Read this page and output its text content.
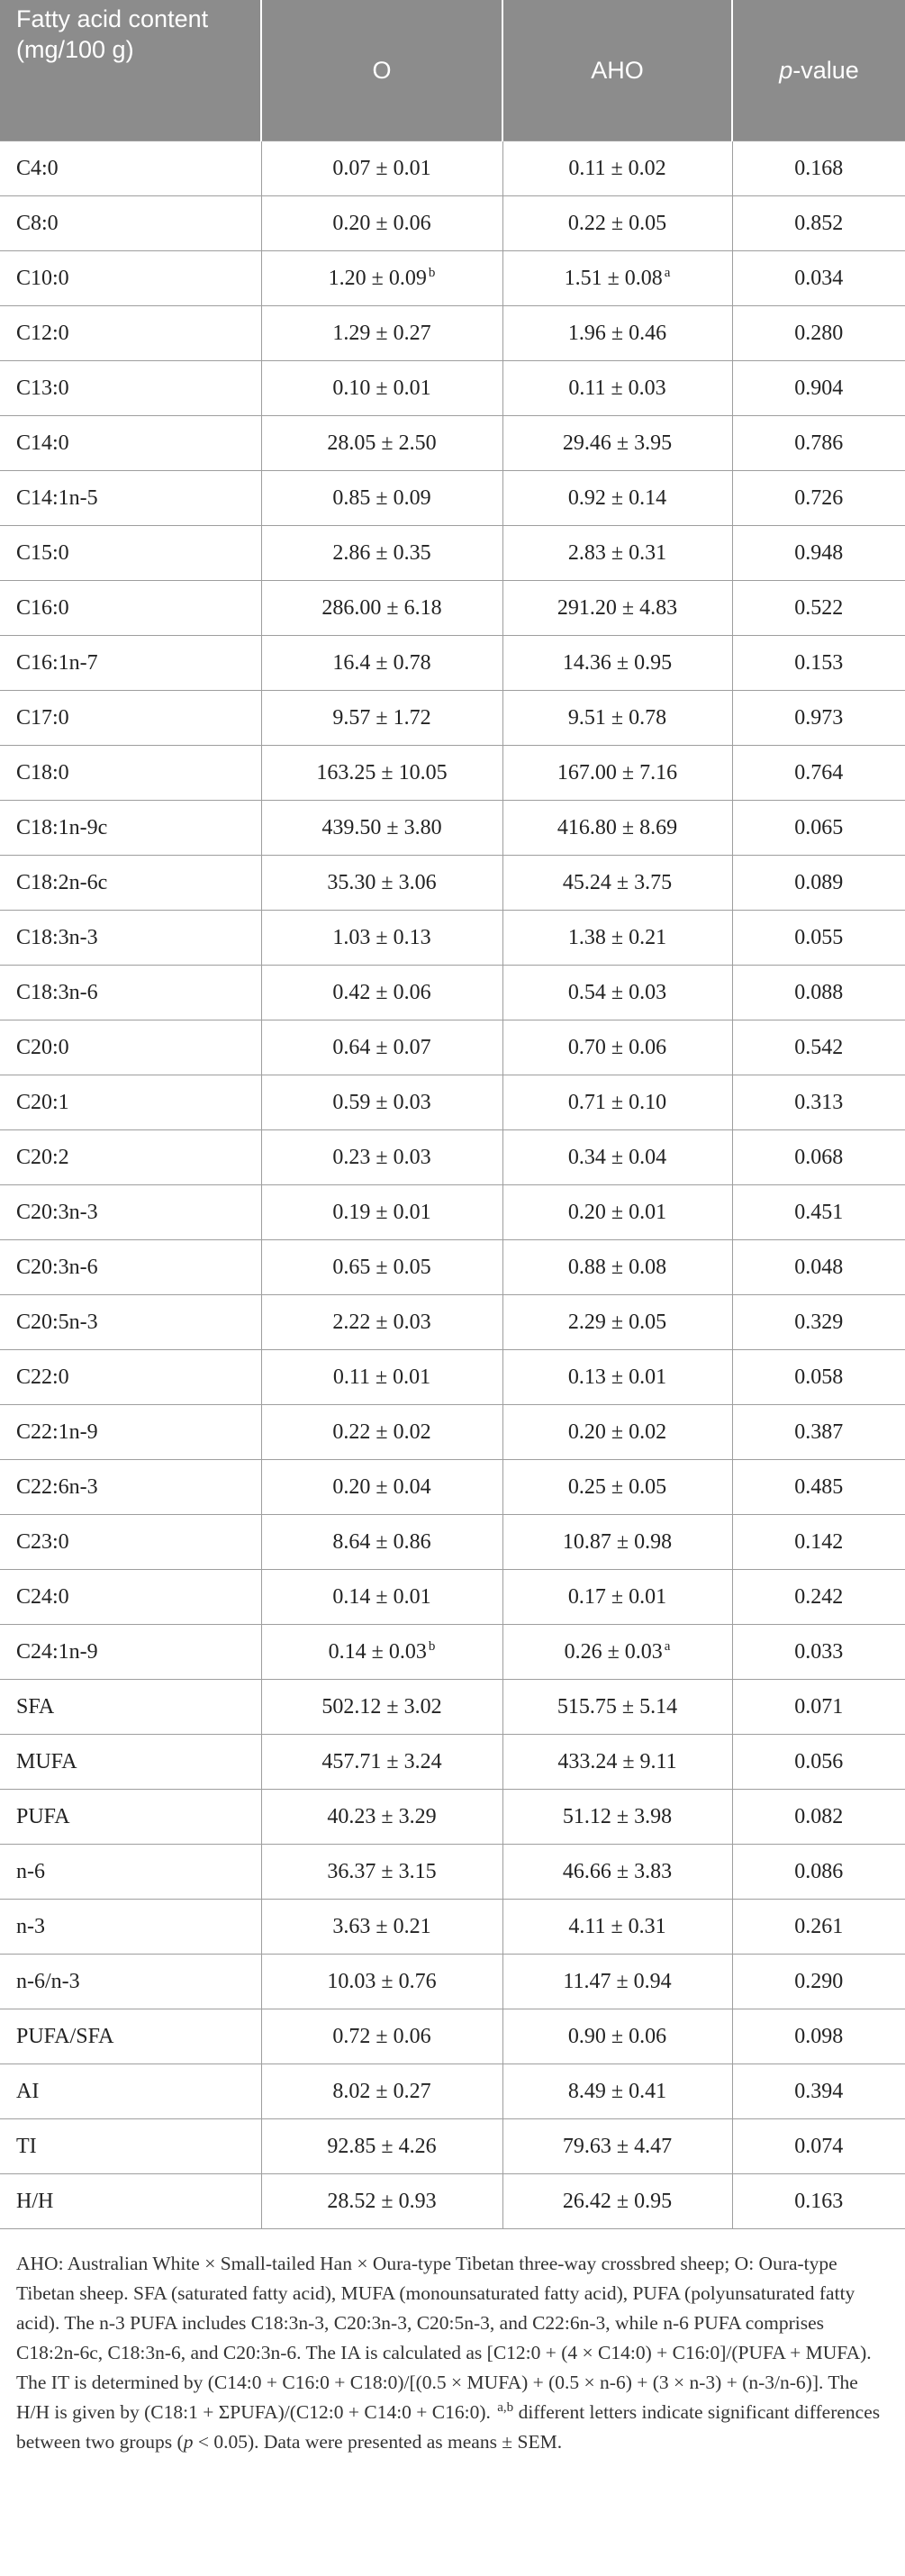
Fatty acid content (mg/100 g)	O	AHO	p-value
C4:0	0.07 ± 0.01	0.11 ± 0.02	0.168
C8:0	0.20 ± 0.06	0.22 ± 0.05	0.852
C10:0	1.20 ± 0.09 $^b$	1.51 ± 0.08 $^a$	0.034
C12:0	1.29 ± 0.27	1.96 ± 0.46	0.280
C13:0	0.10 ± 0.01	0.11 ± 0.03	0.904
C14:0	28.05 ± 2.50	29.46 ± 3.95	0.786
C14:1n-5	0.85 ± 0.09	0.92 ± 0.14	0.726
C15:0	2.86 ± 0.35	2.83 ± 0.31	0.948
C16:0	286.00 ± 6.18	291.20 ± 4.83	0.522
C16:1n-7	16.4 ± 0.78	14.36 ± 0.95	0.153
C17:0	9.57 ± 1.72	9.51 ± 0.78	0.973
C18:0	163.25 ± 10.05	167.00 ± 7.16	0.764
C18:1n-9c	439.50 ± 3.80	416.80 ± 8.69	0.065
C18:2n-6c	35.30 ± 3.06	45.24 ± 3.75	0.089
C18:3n-3	1.03 ± 0.13	1.38 ± 0.21	0.055
C18:3n-6	0.42 ± 0.06	0.54 ± 0.03	0.088
C20:0	0.64 ± 0.07	0.70 ± 0.06	0.542
C20:1	0.59 ± 0.03	0.71 ± 0.10	0.313
C20:2	0.23 ± 0.03	0.34 ± 0.04	0.068
C20:3n-3	0.19 ± 0.01	0.20 ± 0.01	0.451
C20:3n-6	0.65 ± 0.05	0.88 ± 0.08	0.048
C20:5n-3	2.22 ± 0.03	2.29 ± 0.05	0.329
C22:0	0.11 ± 0.01	0.13 ± 0.01	0.058
C22:1n-9	0.22 ± 0.02	0.20 ± 0.02	0.387
C22:6n-3	0.20 ± 0.04	0.25 ± 0.05	0.485
C23:0	8.64 ± 0.86	10.87 ± 0.98	0.142
C24:0	0.14 ± 0.01	0.17 ± 0.01	0.242
C24:1n-9	0.14 ± 0.03 $^b$	0.26 ± 0.03 $^a$	0.033
SFA	502.12 ± 3.02	515.75 ± 5.14	0.071
MUFA	457.71 ± 3.24	433.24 ± 9.11	0.056
PUFA	40.23 ± 3.29	51.12 ± 3.98	0.082
n-6	36.37 ± 3.15	46.66 ± 3.83	0.086
n-3	3.63 ± 0.21	4.11 ± 0.31	0.261
n-6/n-3	10.03 ± 0.76	11.47 ± 0.94	0.290
PUFA/SFA	0.72 ± 0.06	0.90 ± 0.06	0.098
AI	8.02 ± 0.27	8.49 ± 0.41	0.394
TI	92.85 ± 4.26	79.63 ± 4.47	0.074
H/H	28.52 ± 0.93	26.42 ± 0.95	0.163
AHO: Australian White × Small-tailed Han × Oura-type Tibetan three-way crossbred sheep; O: Oura-type Tibetan sheep. SFA (saturated fatty acid), MUFA (monounsaturated fatty acid), PUFA (polyunsaturated fatty acid). The n-3 PUFA includes C18:3n-3, C20:3n-3, C20:5n-3, and C22:6n-3, while n-6 PUFA comprises C18:2n-6c, C18:3n-6, and C20:3n-6. The IA is calculated as [C12:0 + (4 × C14:0) + C16:0]/(PUFA + MUFA). The IT is determined by (C14:0 + C16:0 + C18:0)/[(0.5 × MUFA) + (0.5 × n-6) + (3 × n-3) + (n-3/n-6)]. The H/H is given by (C18:1 + ΣPUFA)/(C12:0 + C14:0 + C16:0). $^{a,b}$ different letters indicate significant differences between two groups (p < 0.05). Data were presented as means ± SEM.
